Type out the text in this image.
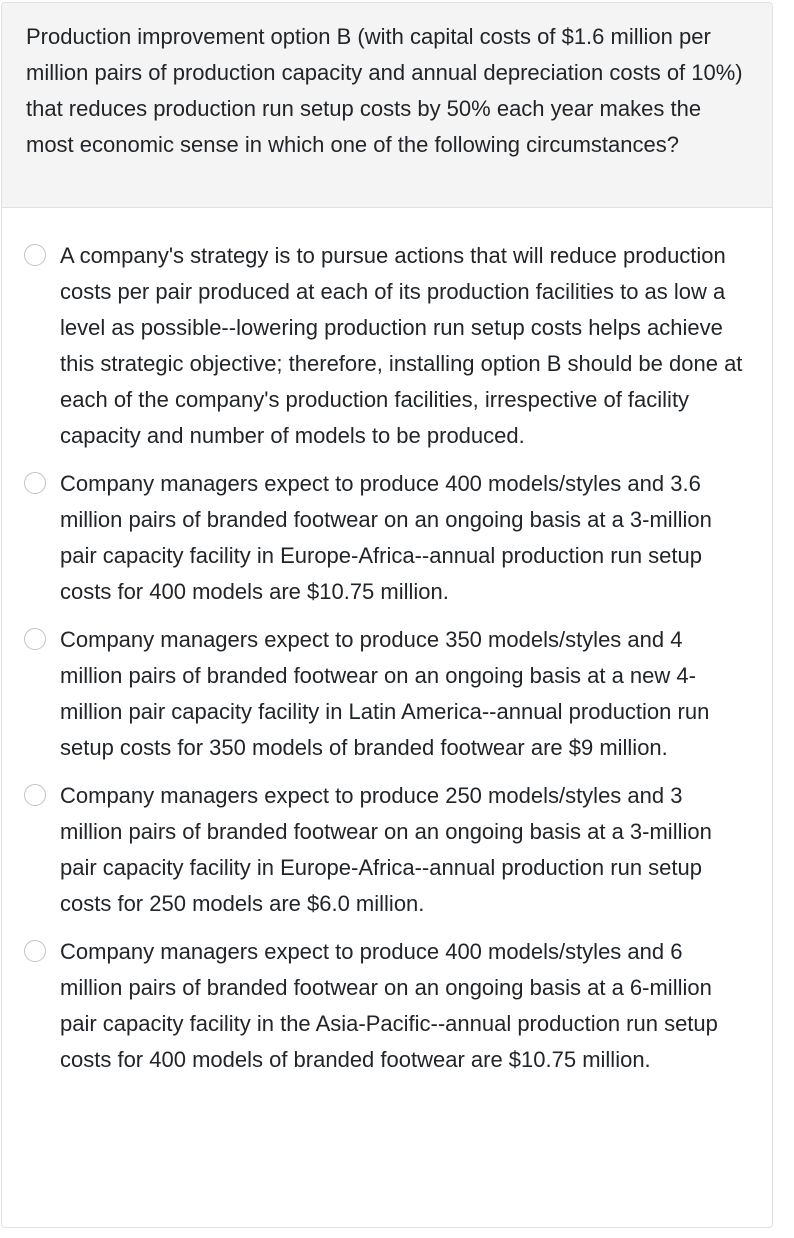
Production improvement option B (with capital costs of $1.6 million per million pairs of production capacity and annual depreciation costs of 10%) that reduces production run setup costs by 50% each year makes the most economic sense in which one of the following circumstances?

A company's strategy is to pursue actions that will reduce production costs per pair produced at each of its production facilities to as low a level as possible--lowering production run setup costs helps achieve this strategic objective; therefore, installing option B should be done at each of the company's production facilities, irrespective of facility capacity and number of models to be produced.
Company managers expect to produce 400 models/styles and 3.6 million pairs of branded footwear on an ongoing basis at a 3-million pair capacity facility in Europe-Africa--annual production run setup costs for 400 models are $10.75 million.
Company managers expect to produce 350 models/styles and 4 million pairs of branded footwear on an ongoing basis at a new 4-million pair capacity facility in Latin America--annual production run setup costs for 350 models of branded footwear are $9 million.
Company managers expect to produce 250 models/styles and 3 million pairs of branded footwear on an ongoing basis at a 3-million pair capacity facility in Europe-Africa--annual production run setup costs for 250 models are $6.0 million.
Company managers expect to produce 400 models/styles and 6 million pairs of branded footwear on an ongoing basis at a 6-million pair capacity facility in the Asia-Pacific--annual production run setup costs for 400 models of branded footwear are $10.75 million.
